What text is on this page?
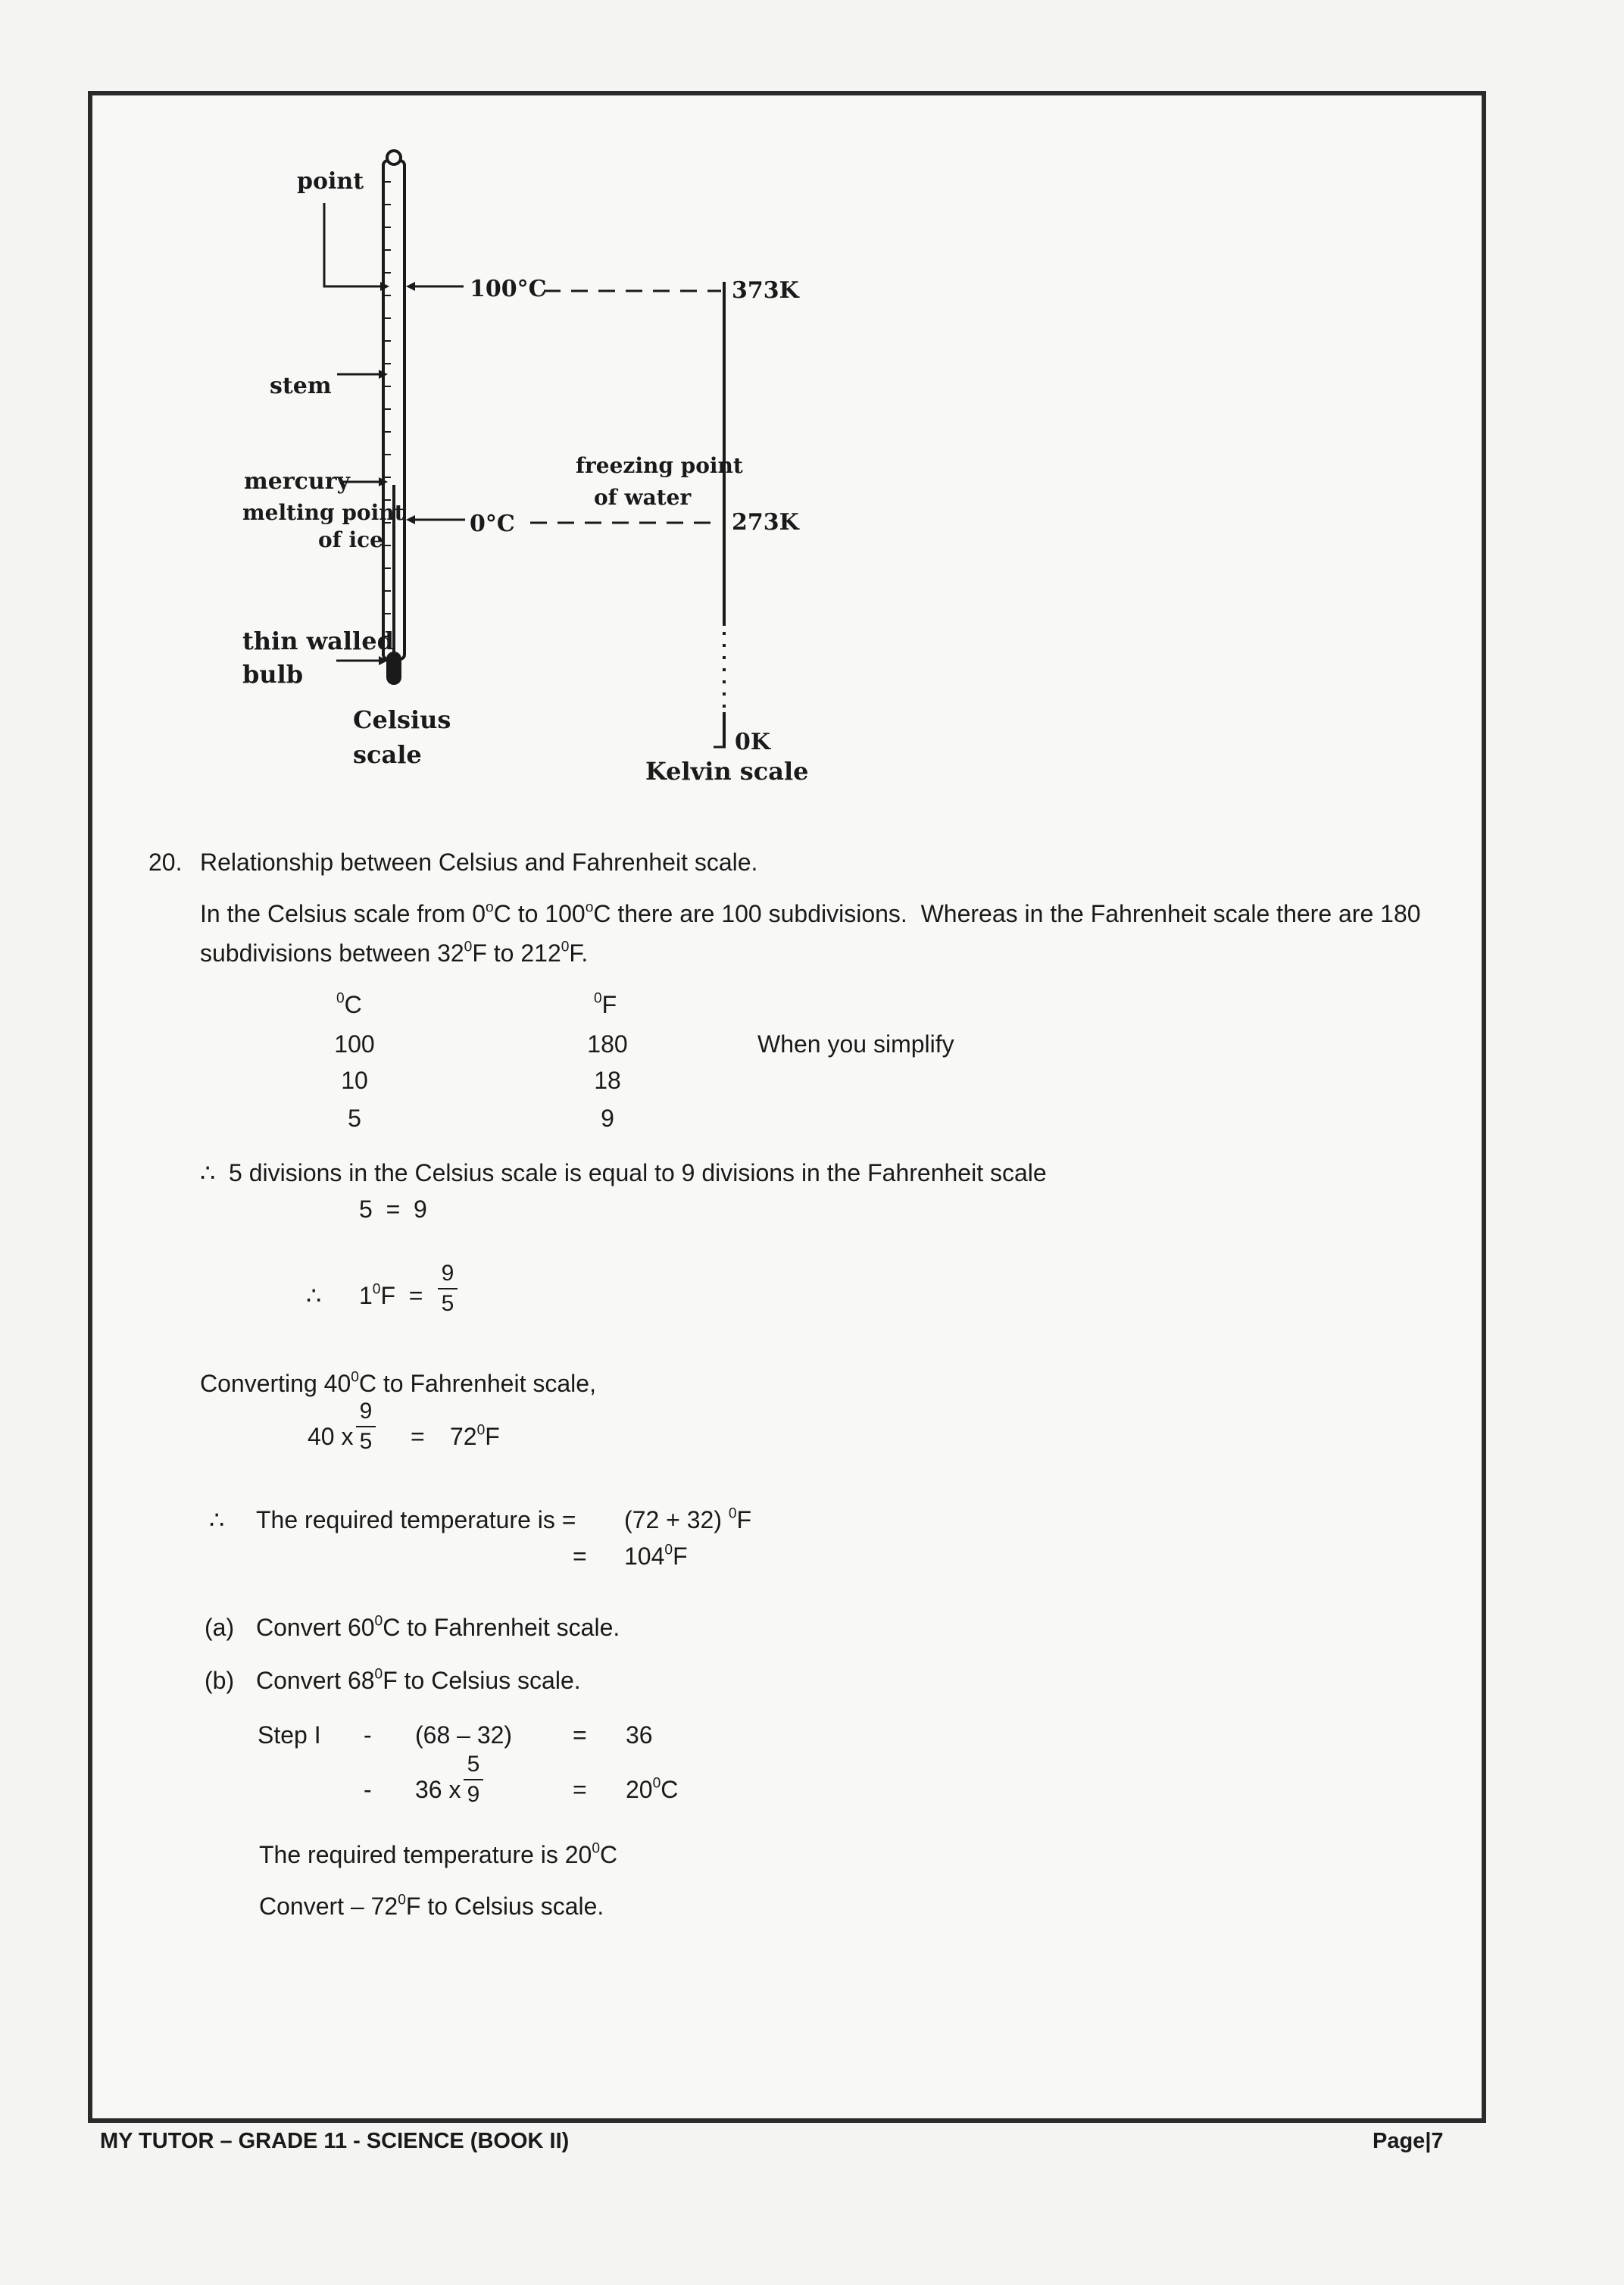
point
stem
mercury
melting point
of ice
thin walled
bulb
Celsius
scale
100°C
0°C
373K
273K
0K
freezing point
of water
Kelvin scale
20. Relationship between Celsius and Fahrenheit scale.
In the Celsius scale from 0$^o$C to 100$^o$C there are 100 subdivisions.  Whereas in the Fahrenheit scale there are 180
subdivisions between $32^0F$ to $212^0F$.
$^0$C	$^0$F
100	180
10	18
5	9
When you simplify
∴ 5 divisions in the Celsius scale is equal to 9 divisions in the Fahrenheit scale
5  =  9
∴ $1^0F$  =
9
5
Converting $40^0C$ to Fahrenheit scale,
40 x
9
$5 = 72^0F$
∴ The required temperature is = (72 + 32) $^0$F
= $104^0F$
(a) Convert $60^0C$ to Fahrenheit scale.
(b) Convert $68^0F$ to Celsius scale.
Step I - (68 – 32) = 36
- 36 x
5
9	= $20^0C$
The required temperature is $20^0C$
Convert – $72^0F$ to Celsius scale.
MY TUTOR – GRADE 11 - SCIENCE (BOOK II)	Page|7
